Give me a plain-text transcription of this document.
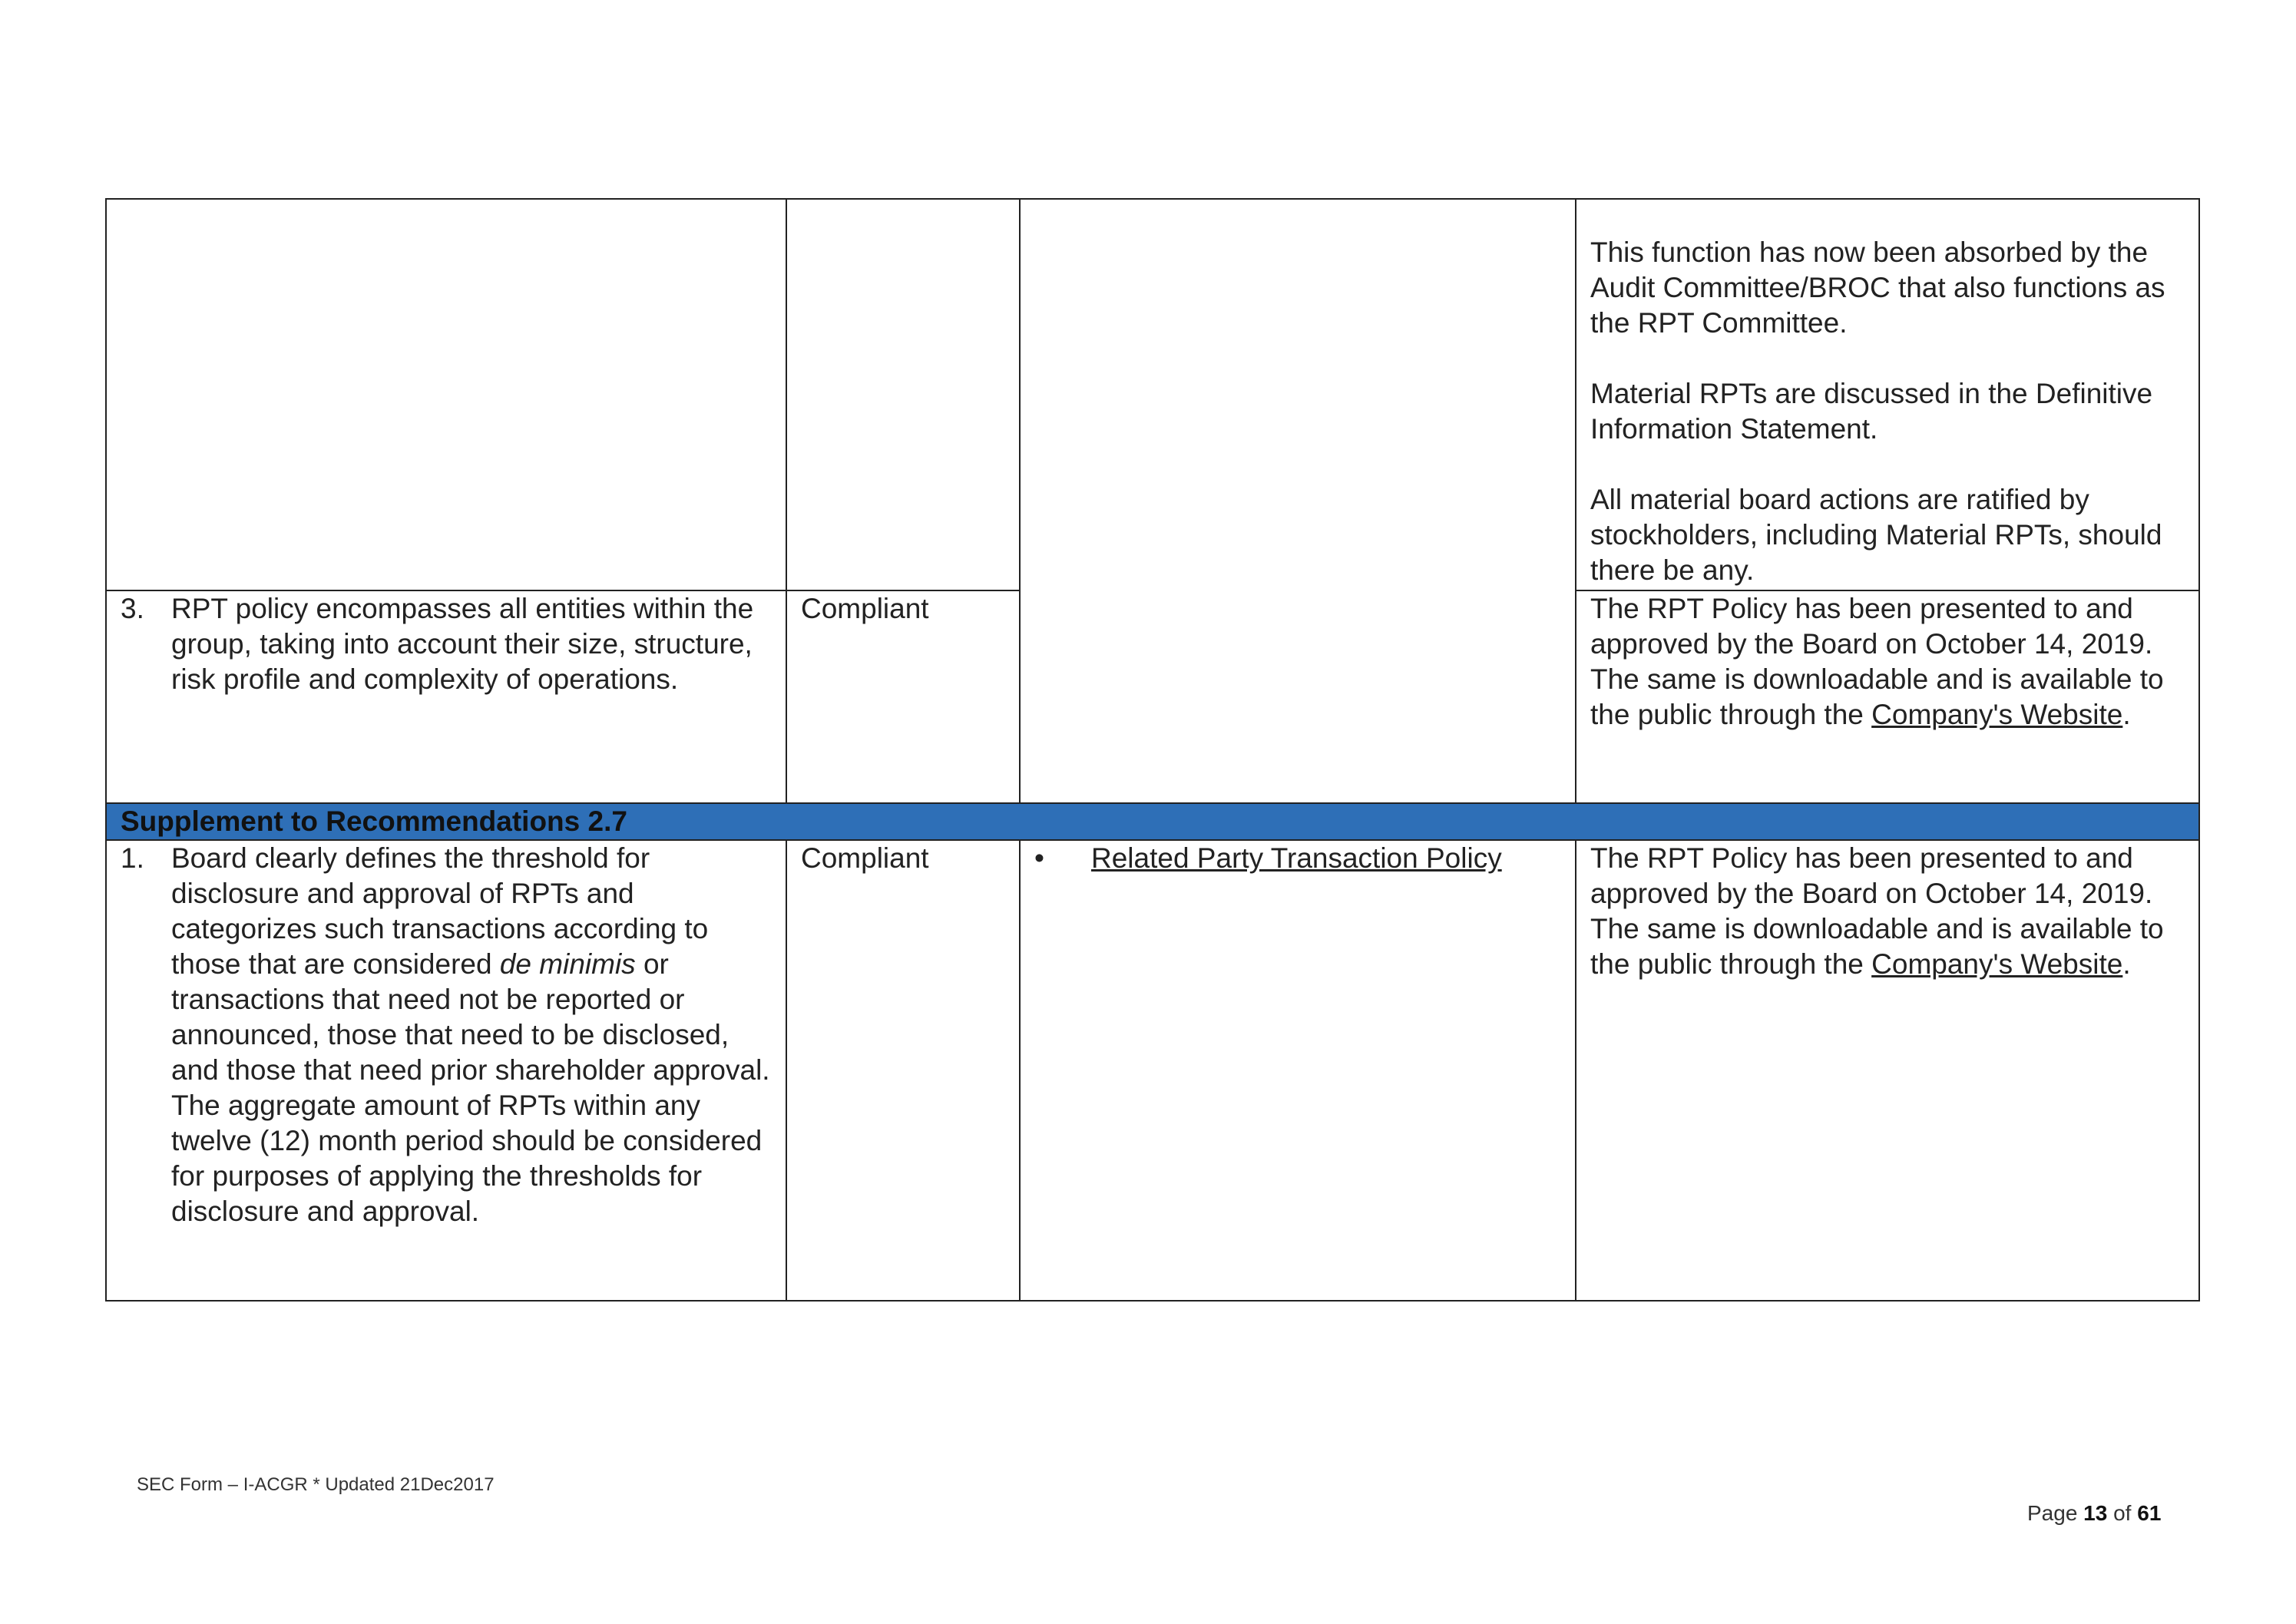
			This function has now been absorbed by the Audit Committee/BROC that also functions as the RPT Committee.

Material RPTs are discussed in the Definitive Information Statement.

All material board actions are ratified by stockholders, including Material RPTs, should there be any.

3. RPT policy encompasses all entities within the group, taking into account their size, structure, risk profile and complexity of operations.	Compliant		The RPT Policy has been presented to and approved by the Board on October 14, 2019. The same is downloadable and is available to the public through the Company's Website.
Supplement to Recommendations 2.7			

1. Board clearly defines the threshold for disclosure and approval of RPTs and categorizes such transactions according to those that are considered de minimis or transactions that need not be reported or announced, those that need to be disclosed, and those that need prior shareholder approval. The aggregate amount of RPTs within any twelve (12) month period should be considered for purposes of applying the thresholds for disclosure and approval.	Compliant	• Related Party Transaction Policy	The RPT Policy has been presented to and approved by the Board on October 14, 2019. The same is downloadable and is available to the public through the Company's Website.
SEC Form – I-ACGR * Updated 21Dec2017
Page 13 of 61
